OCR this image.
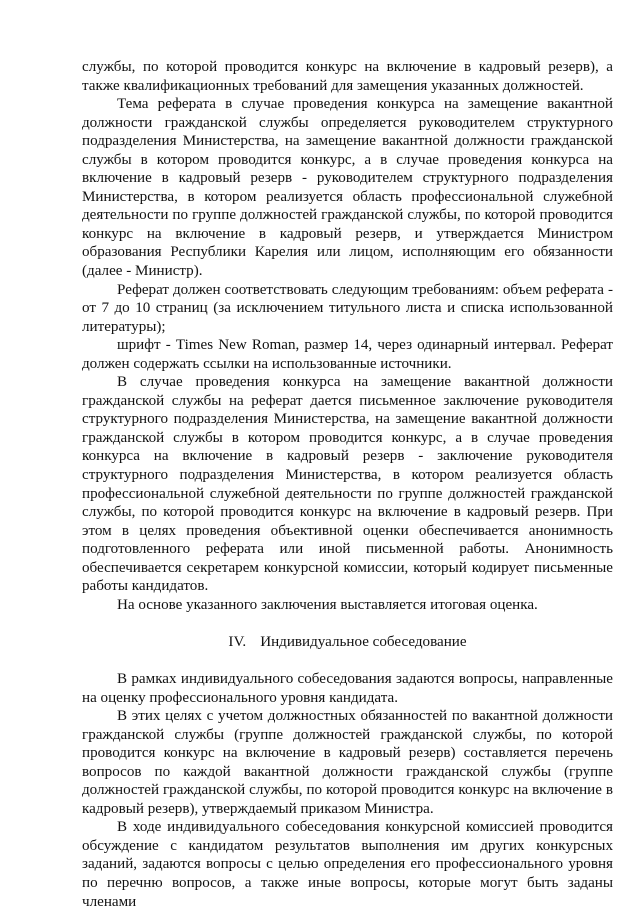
службы, по которой проводится конкурс на включение в кадровый резерв), а также квалификационных требований для замещения указанных должностей.

Тема реферата в случае проведения конкурса на замещение вакантной должности гражданской службы определяется руководителем структурного подразделения Министерства, на замещение вакантной должности гражданской службы в котором проводится конкурс, а в случае проведения конкурса на включение в кадровый резерв - руководителем структурного подразделения Министерства, в котором реализуется область профессиональной служебной деятельности по группе должностей гражданской службы, по которой проводится конкурс на включение в кадровый резерв, и утверждается Министром образования Республики Карелия или лицом, исполняющим его обязанности (далее - Министр).

Реферат должен соответствовать следующим требованиям: объем реферата - от 7 до 10 страниц (за исключением титульного листа и списка использованной литературы);

шрифт - Times New Roman, размер 14, через одинарный интервал. Реферат должен содержать ссылки на использованные источники.

В случае проведения конкурса на замещение вакантной должности гражданской службы на реферат дается письменное заключение руководителя структурного подразделения Министерства, на замещение вакантной должности гражданской службы в котором проводится конкурс, а в случае проведения конкурса на включение в кадровый резерв - заключение руководителя структурного подразделения Министерства, в котором реализуется область профессиональной служебной деятельности по группе должностей гражданской службы, по которой проводится конкурс на включение в кадровый резерв. При этом в целях проведения объективной оценки обеспечивается анонимность подготовленного реферата или иной письменной работы. Анонимность обеспечивается секретарем конкурсной комиссии, который кодирует письменные работы кандидатов.

На основе указанного заключения выставляется итоговая оценка.

IV. Индивидуальное собеседование

В рамках индивидуального собеседования задаются вопросы, направленные на оценку профессионального уровня кандидата.

В этих целях с учетом должностных обязанностей по вакантной должности гражданской службы (группе должностей гражданской службы, по которой проводится конкурс на включение в кадровый резерв) составляется перечень вопросов по каждой вакантной должности гражданской службы (группе должностей гражданской службы, по которой проводится конкурс на включение в кадровый резерв), утверждаемый приказом Министра.

В ходе индивидуального собеседования конкурсной комиссией проводится обсуждение с кандидатом результатов выполнения им других конкурсных заданий, задаются вопросы с целью определения его профессионального уровня по перечню вопросов, а также иные вопросы, которые могут быть заданы членами
